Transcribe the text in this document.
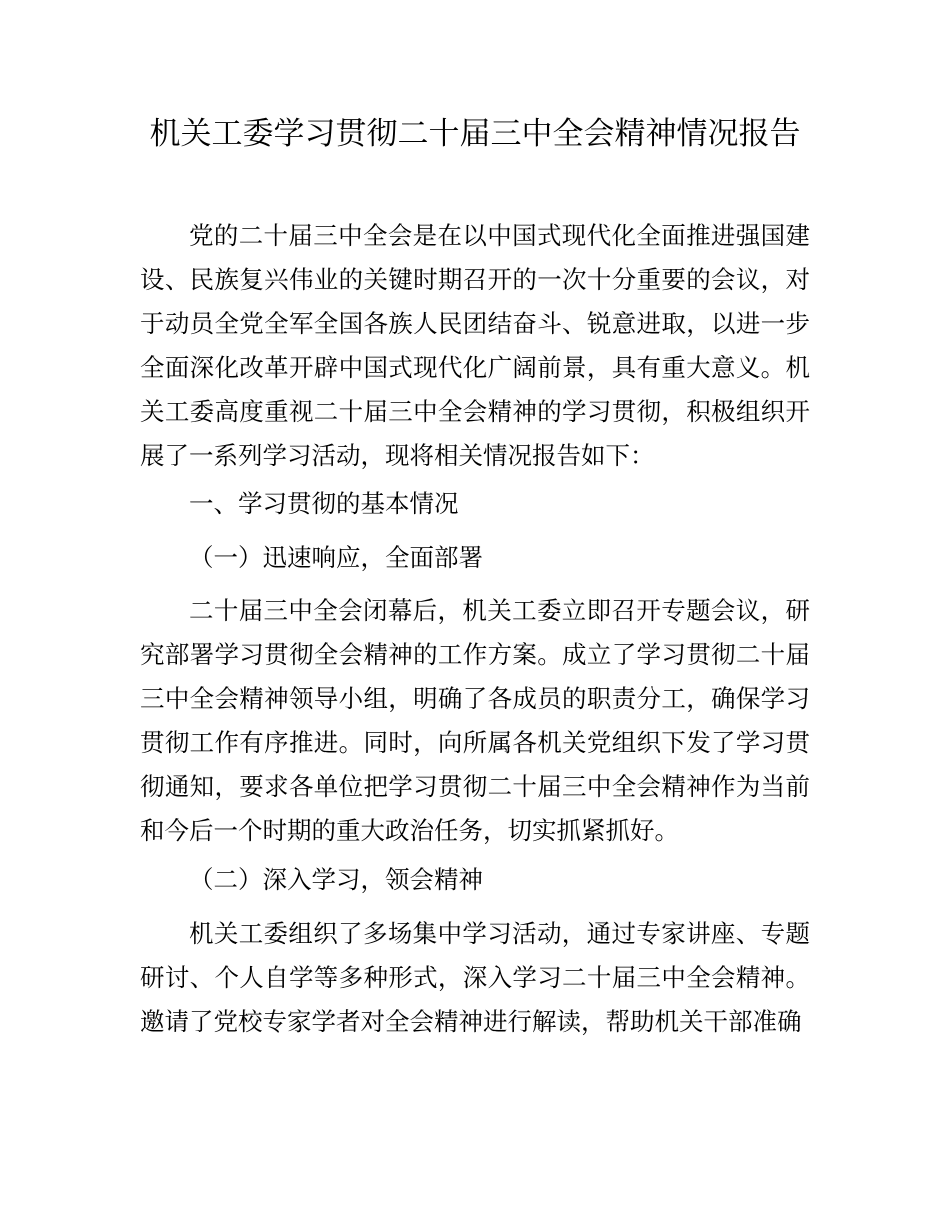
机关工委学习贯彻二十届三中全会精神情况报告

党的二十届三中全会是在以中国式现代化全面推进强国建设、民族复兴伟业的关键时期召开的一次十分重要的会议，对于动员全党全军全国各族人民团结奋斗、锐意进取，以进一步全面深化改革开辟中国式现代化广阔前景，具有重大意义。机关工委高度重视二十届三中全会精神的学习贯彻，积极组织开展了一系列学习活动，现将相关情况报告如下：

一、学习贯彻的基本情况

（一）迅速响应，全面部署

二十届三中全会闭幕后，机关工委立即召开专题会议，研究部署学习贯彻全会精神的工作方案。成立了学习贯彻二十届三中全会精神领导小组，明确了各成员的职责分工，确保学习贯彻工作有序推进。同时，向所属各机关党组织下发了学习贯彻通知，要求各单位把学习贯彻二十届三中全会精神作为当前和今后一个时期的重大政治任务，切实抓紧抓好。

（二）深入学习，领会精神

机关工委组织了多场集中学习活动，通过专家讲座、专题研讨、个人自学等多种形式，深入学习二十届三中全会精神。邀请了党校专家学者对全会精神进行解读，帮助机关干部准确
